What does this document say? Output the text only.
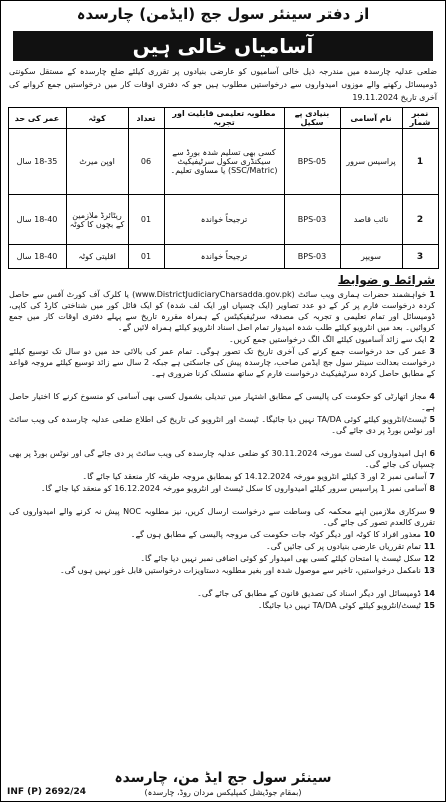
از دفتر سینئر سول جج (ایڈمن) چارسدہ
آسامیاں خالی ہیں
ضلعی عدلیہ چارسدہ میں مندرجہ ذیل خالی آسامیوں کو عارضی بنیادوں پر تقرری کیلئے ضلع چارسدہ کے مستقل سکونتی ڈومیسائل رکھنے والے موزوں امیدواروں سے درخواستیں مطلوب ہیں جو کہ دفتری اوقات کار میں درخواستیں جمع کروانے کی آخری تاریخ 19.11.2024
نمبر شمار	نام آسامی	بنیادی پے سکیل	مطلوبہ تعلیمی قابلیت اور تجربہ	تعداد	کوٹہ	عمر کی حد
1	پراسیس سرور	BPS-05	کسی بھی تسلیم شدہ بورڈ سے سیکنڈری سکول سرٹیفیکیٹ (SSC/Matric) یا مساوی تعلیم۔	06	اوپن میرٹ	18-35 سال
2	نائب قاصد	BPS-03	ترجیحاً خواندہ	01	ریٹائرڈ ملازمین کے بچوں کا کوٹہ	18-40 سال
3	سویپر	BPS-03	ترجیحاً خواندہ	01	اقلیتی کوٹہ	18-40 سال
شرائط و ضوابط
1خواہشمند حضرات ہماری ویب سائٹ (www.DistrictJudiciaryCharsadda.gov.pk) یا کلرک آف کورٹ آفس سے حاصل کردہ درخواست فارم پر کر کے دو عدد تصاویر (ایک چسپاں اور ایک لف شدہ) کو ایک فائل کور میں شناختی کارڈ کی کاپی، ڈومیسائل اور تمام تعلیمی و تجربہ کی مصدقہ سرٹیفیکیٹس کے ہمراہ مقررہ تاریخ سے پہلے دفتری اوقات کار میں جمع کروائیں۔ بعد میں انٹرویو کیلئے طلب شدہ امیدوار تمام اصل اسناد انٹرویو کیلئے ہمراہ لائیں گے۔
2ایک سے زائد آسامیوں کیلئے الگ الگ درخواستیں جمع کریں۔
3عمر کی حد درخواست جمع کرنے کی آخری تاریخ تک تصور ہوگی۔ تمام عمر کی بالائی حد میں دو سال تک توسیع کیلئے درخواست بعدالت سینئر سول جج ایڈمن صاحب، چارسدہ پیش کی جاسکتی ہے جبکہ 2 سال سے زائد توسیع کیلئے مروجہ قواعد کے مطابق حاصل کردہ سرٹیفیکیٹ درخواست فارم کے ساتھ منسلک کرنا ضروری ہے۔
4مجاز اتھارٹی کو حکومت کی پالیسی کے مطابق اشتہار میں تبدیلی بشمول کسی بھی آسامی کو منسوخ کرنے کا اختیار حاصل ہے۔
5ٹیسٹ/انٹرویو کیلئے کوئی TA/DA نہیں دیا جائیگا۔ ٹیسٹ اور انٹرویو کی تاریخ کی اطلاع ضلعی عدلیہ چارسدہ کی ویب سائٹ اور نوٹس بورڈ پر دی جائے گی۔
6اہل امیدواروں کی لسٹ مورخہ 30.11.2024 کو ضلعی عدلیہ چارسدہ کی ویب سائٹ پر دی جائے گی اور نوٹس بورڈ پر بھی چسپاں کی جائے گی۔
7آسامی نمبر 2 اور 3 کیلئے انٹرویو مورخہ 14.12.2024 کو بمطابق مروجہ طریقہ کار منعقد کیا جائے گا۔
8آسامی نمبر 1 پراسیس سرور کیلئے امیدواروں کا سکل ٹیسٹ اور انٹرویو مورخہ 16.12.2024 کو منعقد کیا جائے گا۔
9سرکاری ملازمین اپنے محکمہ کی وساطت سے درخواست ارسال کریں، نیز مطلوبہ NOC پیش نہ کرنے والے امیدواروں کی تقرری کالعدم تصور کی جائے گی۔
10معذور افراد کا کوٹہ اور دیگر کوٹہ جات حکومت کی مروجہ پالیسی کے مطابق ہوں گے۔
11تمام تقرریاں عارضی بنیادوں پر کی جائیں گی۔
12سکل ٹیسٹ یا امتحان کیلئے کسی بھی امیدوار کو کوئی اضافی نمبر نہیں دیا جائے گا۔
13نامکمل درخواستیں، تاخیر سے موصول شدہ اور بغیر مطلوبہ دستاویزات درخواستیں قابل غور نہیں ہوں گی۔
14ڈومیسائل اور دیگر اسناد کی تصدیق قانون کے مطابق کی جائے گی۔
15ٹیسٹ/انٹرویو کیلئے کوئی TA/DA نہیں دیا جائیگا۔
سینئر سول جج ایڈ من، چارسدہ
(بمقام جوڈیشل کمپلیکس مردان روڈ، چارسدہ)
INF (P) 2692/24
